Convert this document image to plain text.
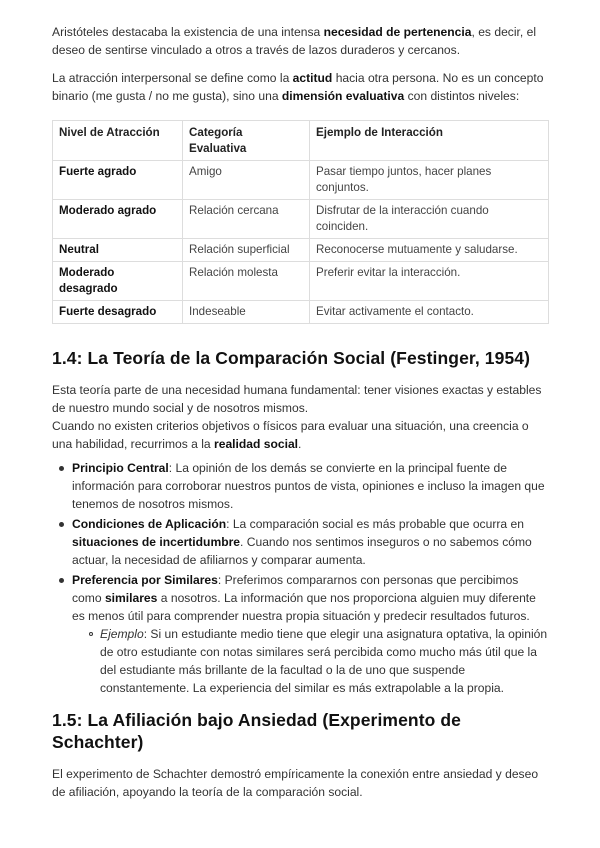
Aristóteles destacaba la existencia de una intensa necesidad de pertenencia, es decir, el deseo de sentirse vinculado a otros a través de lazos duraderos y cercanos.

La atracción interpersonal se define como la actitud hacia otra persona. No es un concepto binario (me gusta / no me gusta), sino una dimensión evaluativa con distintos niveles:

Nivel de Atracción	Categoría Evaluativa	Ejemplo de Interacción
Fuerte agrado	Amigo	Pasar tiempo juntos, hacer planes conjuntos.
Moderado agrado	Relación cercana	Disfrutar de la interacción cuando coinciden.
Neutral	Relación superficial	Reconocerse mutuamente y saludarse.
Moderado desagrado	Relación molesta	Preferir evitar la interacción.
Fuerte desagrado	Indeseable	Evitar activamente el contacto.
1.4: La Teoría de la Comparación Social (Festinger, 1954)

Esta teoría parte de una necesidad humana fundamental: tener visiones exactas y estables de nuestro mundo social y de nosotros mismos.

Cuando no existen criterios objetivos o físicos para evaluar una situación, una creencia o una habilidad, recurrimos a la realidad social.

Principio Central: La opinión de los demás se convierte en la principal fuente de información para corroborar nuestros puntos de vista, opiniones e incluso la imagen que tenemos de nosotros mismos.
Condiciones de Aplicación: La comparación social es más probable que ocurra en situaciones de incertidumbre. Cuando nos sentimos inseguros o no sabemos cómo actuar, la necesidad de afiliarnos y comparar aumenta.
Preferencia por Similares: Preferimos compararnos con personas que percibimos como similares a nosotros. La información que nos proporciona alguien muy diferente es menos útil para comprender nuestra propia situación y predecir resultados futuros.
Ejemplo: Si un estudiante medio tiene que elegir una asignatura optativa, la opinión de otro estudiante con notas similares será percibida como mucho más útil que la del estudiante más brillante de la facultad o la de uno que suspende constantemente. La experiencia del similar es más extrapolable a la propia.
1.5: La Afiliación bajo Ansiedad (Experimento de Schachter)

El experimento de Schachter demostró empíricamente la conexión entre ansiedad y deseo de afiliación, apoyando la teoría de la comparación social.
